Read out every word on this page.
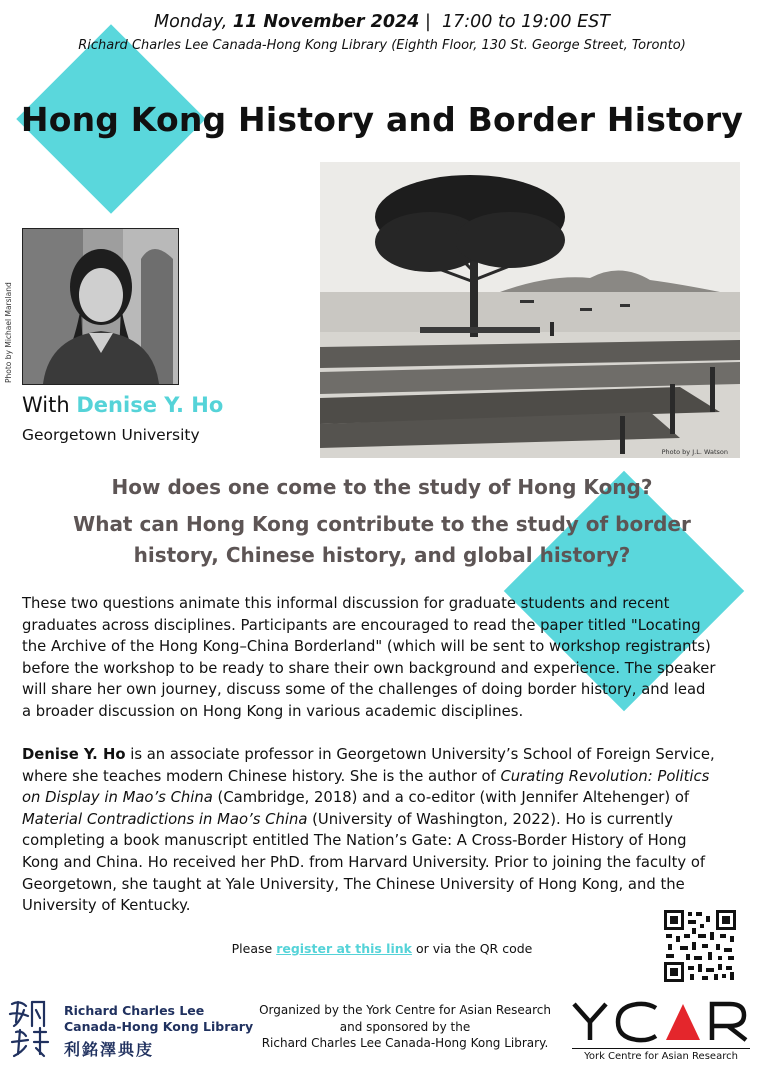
Monday, 11 November 2024 | 17:00 to 19:00 EST
Richard Charles Lee Canada-Hong Kong Library (Eighth Floor, 130 St. George Street, Toronto)
Hong Kong History and Border History
Photo by Michael Marsland
With Denise Y. Ho
Georgetown University
Photo by J.L. Watson
How does one come to the study of Hong Kong?
What can Hong Kong contribute to the study of border
history, Chinese history, and global history?

These two questions animate this informal discussion for graduate students and recent

graduates across disciplines. Participants are encouraged to read the paper titled "Locating

the Archive of the Hong Kong–China Borderland" (which will be sent to workshop registrants)

before the workshop to be ready to share their own background and experience. The speaker

will share her own journey, discuss some of the challenges of doing border history, and lead

a broader discussion on Hong Kong in various academic disciplines.

Denise Y. Ho is an associate professor in Georgetown University’s School of Foreign Service,

where she teaches modern Chinese history. She is the author of Curating Revolution: Politics

on Display in Mao’s China (Cambridge, 2018) and a co-editor (with Jennifer Altehenger) of

Material Contradictions in Mao’s China (University of Washington, 2022). Ho is currently

completing a book manuscript entitled The Nation’s Gate: A Cross-Border History of Hong

Kong and China. Ho received her PhD. from Harvard University. Prior to joining the faculty of

Georgetown, she taught at Yale University, The Chinese University of Hong Kong, and the

University of Kentucky.

Please register at this link or via the QR code
Richard Charles Lee
Canada-Hong Kong Library
利銘澤典庋
Organized by the York Centre for Asian Research
and sponsored by the
Richard Charles Lee Canada-Hong Kong Library.
York Centre for Asian Research
